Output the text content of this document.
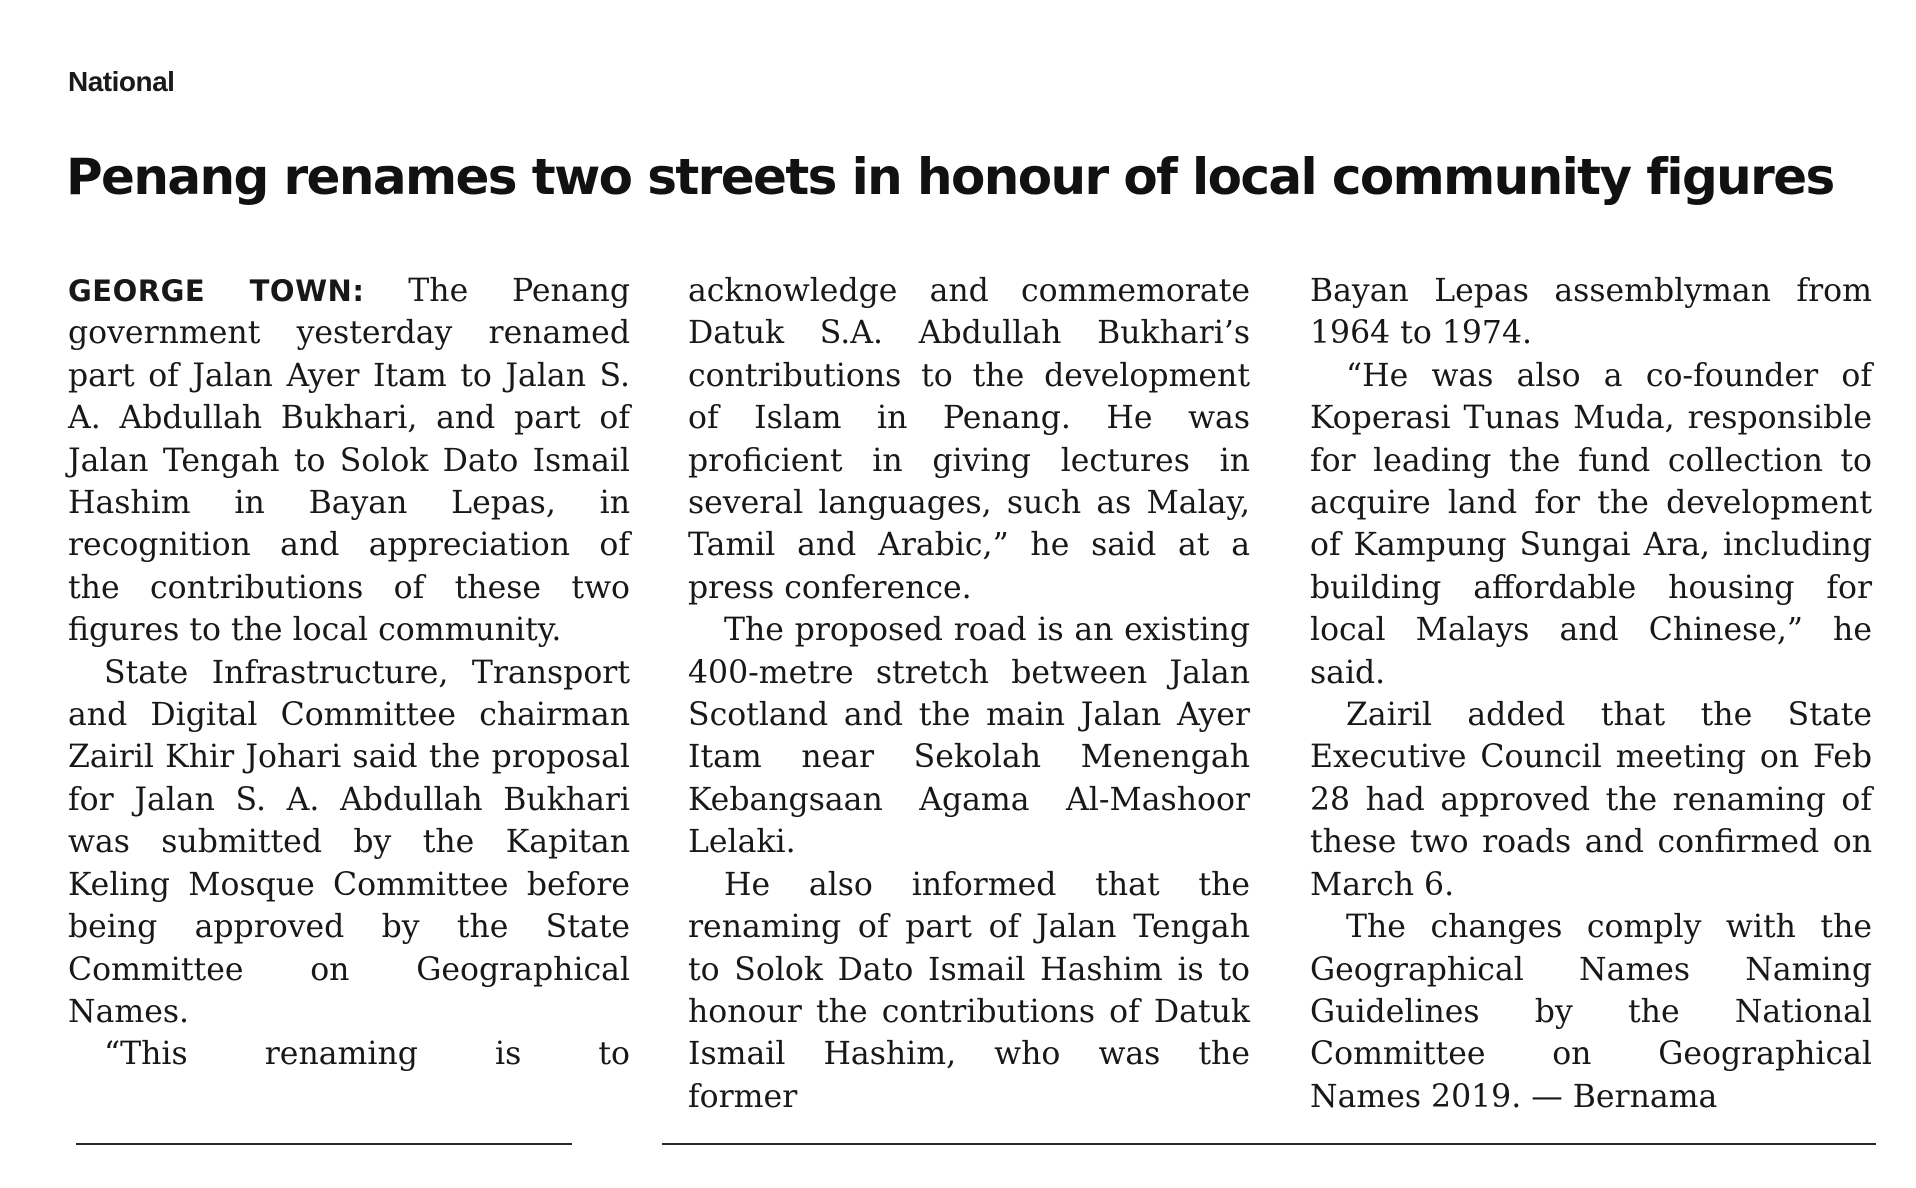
National
Penang renames two streets in honour of local community figures

GEORGE TOWN: The Penang government yesterday renamed part of Jalan Ayer Itam to Jalan S. A. Abdullah Bukhari, and part of Jalan Tengah to Solok Dato Ismail Hashim in Bayan Lepas, in recognition and appreciation of the contributions of these two figures to the local community.

State Infrastructure, Transport and Digital Committee chairman Zairil Khir Johari said the proposal for Jalan S. A. Abdullah Bukhari was submitted by the Kapitan Keling Mosque Committee before being approved by the State Committee on Geographical Names.

“This renaming is to

acknowledge and commemorate Datuk S.A. Abdullah Bukhari’s contributions to the development of Islam in Penang. He was proficient in giving lectures in several languages, such as Malay, Tamil and Arabic,” he said at a press conference.

The proposed road is an existing 400-metre stretch between Jalan Scotland and the main Jalan Ayer Itam near Sekolah Menengah Kebangsaan Agama Al-Mashoor Lelaki.

He also informed that the renaming of part of Jalan Tengah to Solok Dato Ismail Hashim is to honour the contributions of Datuk Ismail Hashim, who was the former

Bayan Lepas assemblyman from 1964 to 1974.

“He was also a co-founder of Koperasi Tunas Muda, responsible for leading the fund collection to acquire land for the development of Kampung Sungai Ara, including building affordable housing for local Malays and Chinese,” he said.

Zairil added that the State Executive Council meeting on Feb 28 had approved the renaming of these two roads and confirmed on March 6.

The changes comply with the Geographical Names Naming Guidelines by the National Committee on Geographical Names 2019. — Bernama
